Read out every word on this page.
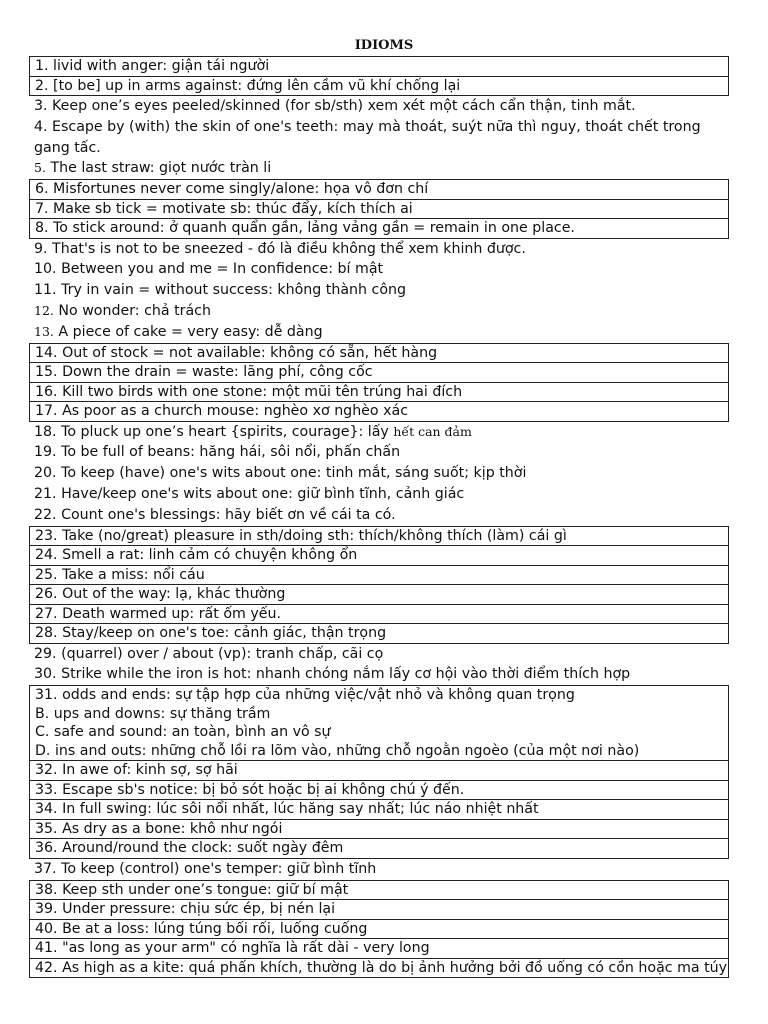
IDIOMS
1. livid with anger: giận tái người
2. [to be] up in arms against: đứng lên cầm vũ khí chống lại
3. Keep one’s eyes peeled/skinned (for sb/sth) xem xét một cách cẩn thận, tinh mắt.
4. Escape by (with) the skin of one's teeth: may mà thoát, suýt nữa thì nguy, thoát chết trong gang tấc.
5. The last straw: giọt nước tràn li
6. Misfortunes never come singly/alone: họa vô đơn chí
7. Make sb tick = motivate sb: thúc đẩy, kích thích ai
8. To stick around: ở quanh quẩn gần, lảng vảng gần = remain in one place.
9. That's is not to be sneezed - đó là điều không thể xem khinh được.
10. Between you and me = In confidence: bí mật
11. Try in vain = without success: không thành công
12. No wonder: chả trách
13. A piece of cake = very easy: dễ dàng
14. Out of stock = not available: không có sẵn, hết hàng
15. Down the drain = waste: lãng phí, công cốc
16. Kill two birds with one stone: một mũi tên trúng hai đích
17. As poor as a church mouse: nghèo xơ nghèo xác
18. To pluck up one’s heart {spirits, courage}: lấy hết can đảm
19. To be full of beans: hăng hái, sôi nổi, phấn chấn
20. To keep (have) one's wits about one: tinh mắt, sáng suốt; kịp thời
21. Have/keep one's wits about one: giữ bình tĩnh, cảnh giác
22. Count one's blessings: hãy biết ơn về cái ta có.
23. Take (no/great) pleasure in sth/doing sth: thích/không thích (làm) cái gì
24. Smell a rat: linh cảm có chuyện không ổn
25. Take a miss: nổi cáu
26. Out of the way: lạ, khác thường
27. Death warmed up: rất ốm yếu.
28. Stay/keep on one's toe: cảnh giác, thận trọng
29. (quarrel) over / about (vp): tranh chấp, cãi cọ
30. Strike while the iron is hot: nhanh chóng nắm lấy cơ hội vào thời điểm thích hợp
31. odds and ends: sự tập hợp của những việc/vật nhỏ và không quan trọng
B. ups and downs: sự thăng trầm
C. safe and sound: an toàn, bình an vô sự
D. ins and outs: những chỗ lồi ra lõm vào, những chỗ ngoằn ngoèo (của một nơi nào)
32. In awe of: kinh sợ, sợ hãi
33. Escape sb's notice: bị bỏ sót hoặc bị ai không chú ý đến.
34. In full swing: lúc sôi nổi nhất, lúc hăng say nhất; lúc náo nhiệt nhất
35. As dry as a bone: khô như ngói
36. Around/round the clock: suốt ngày đêm
37. To keep (control) one's temper: giữ bình tĩnh
38. Keep sth under one’s tongue: giữ bí mật
39. Under pressure: chịu sức ép, bị nén lại
40. Be at a loss: lúng túng bối rối, luống cuống
41. "as long as your arm" có nghĩa là rất dài - very long
42. As high as a kite: quá phấn khích, thường là do bị ảnh hưởng bởi đồ uống có cồn hoặc ma túy
